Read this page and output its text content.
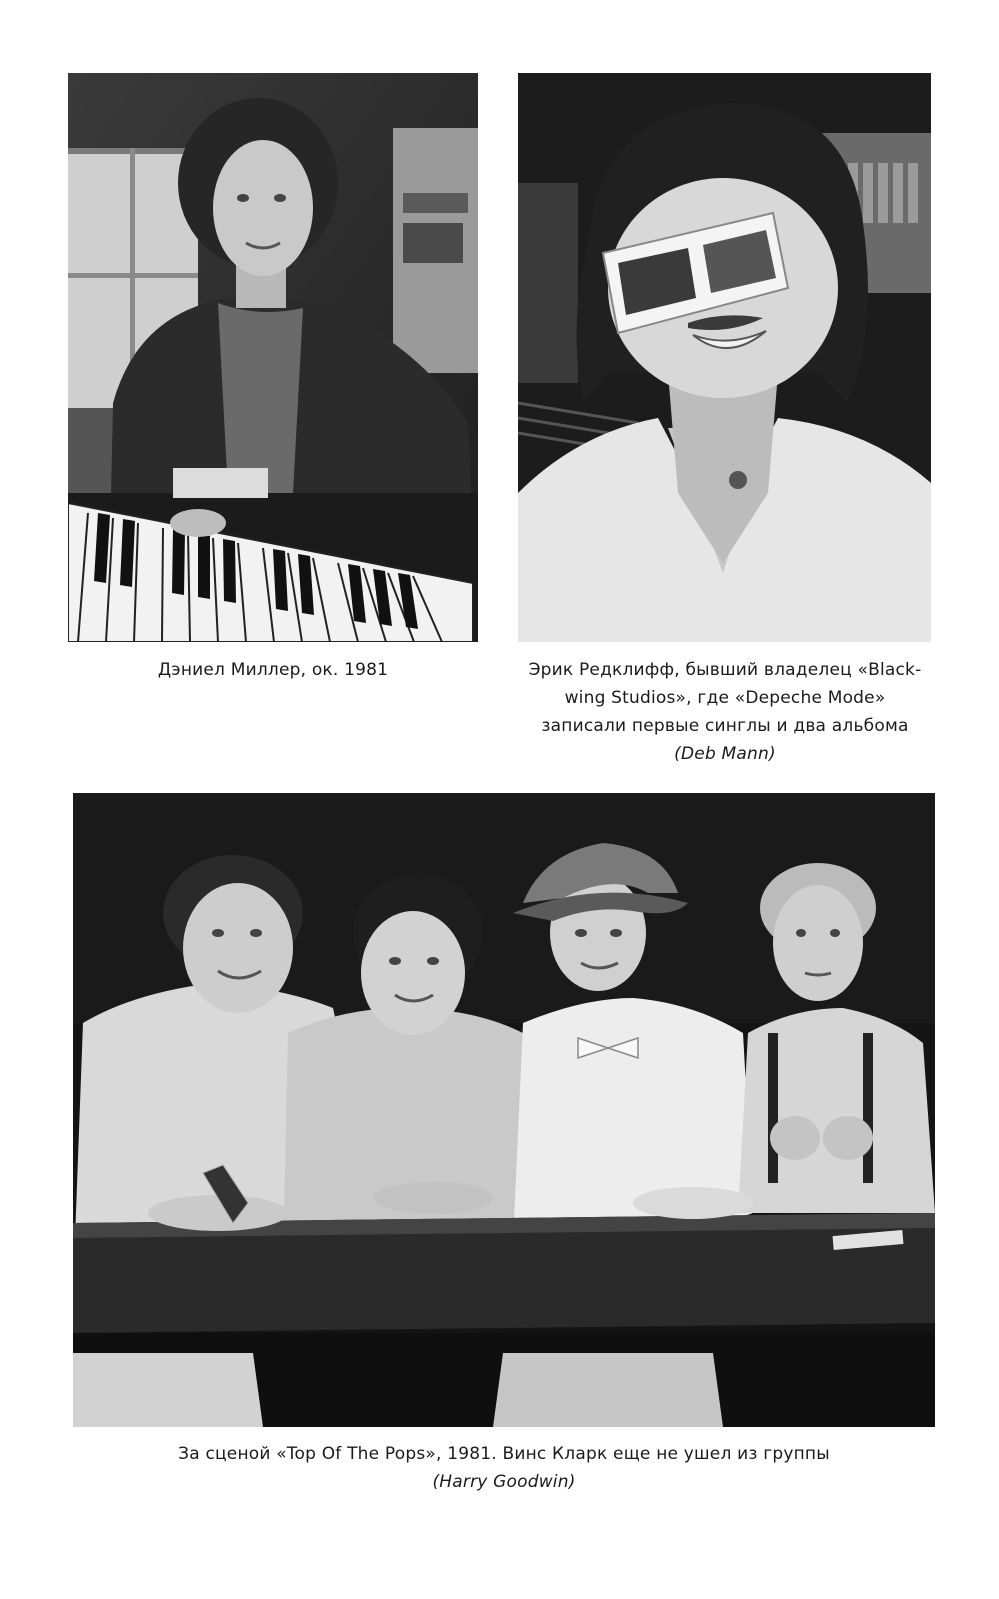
Дэниел Миллер, ок. 1981	Эрик Редклифф, бывший владелец «Black-
wing Studios», где «Depeche Mode»
записали первые синглы и два альбома
(Deb Mann)
За сценой «Top Of The Pops», 1981. Винс Кларк еще не ушел из группы
(Harry Goodwin)
